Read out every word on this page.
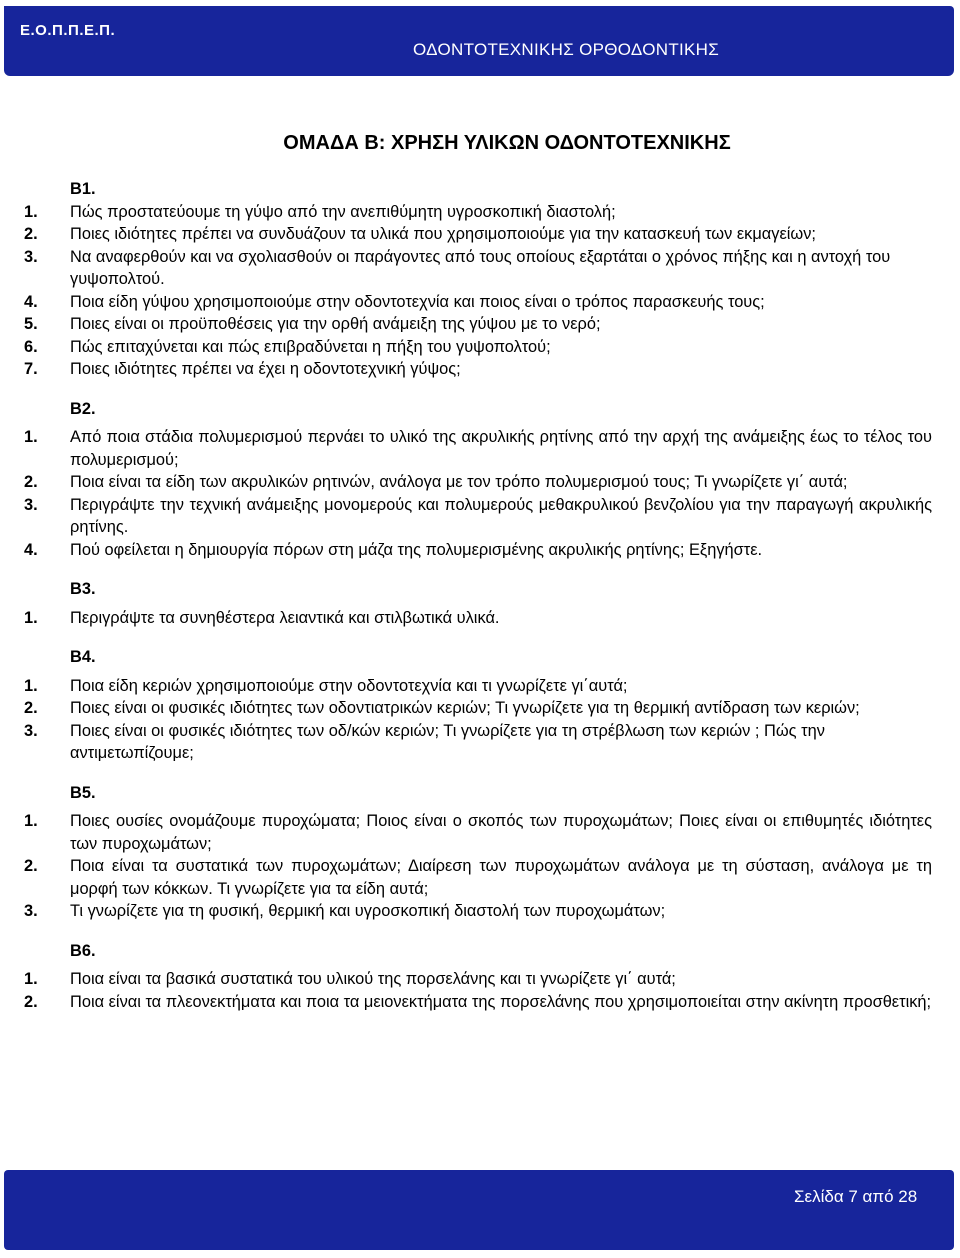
Ε.Ο.Π.Π.Ε.Π.
ΟΔΟΝΤΟΤΕΧΝΙΚΗΣ ΟΡΘΟΔΟΝΤΙΚΗΣ
ΟΜΑΔΑ Β: ΧΡΗΣΗ ΥΛΙΚΩΝ ΟΔΟΝΤΟΤΕΧΝΙΚΗΣ
Β1.
1.	Πώς προστατεύουμε τη γύψο από την ανεπιθύμητη υγροσκοπική διαστολή;
2.	Ποιες ιδιότητες πρέπει να συνδυάζουν τα υλικά που χρησιμοποιούμε για την κατασκευή των εκμαγείων;
3.	Να αναφερθούν και να σχολιασθούν οι παράγοντες από τους οποίους εξαρτάται ο χρόνος πήξης και η αντοχή του γυψοπολτού.
4.	Ποια είδη γύψου χρησιμοποιούμε στην οδοντοτεχνία και ποιος είναι ο τρόπος παρασκευής τους;
5.	Ποιες είναι οι προϋποθέσεις για την ορθή ανάμειξη της γύψου με το νερό;
6.	Πώς επιταχύνεται και πώς επιβραδύνεται η πήξη του γυψοπολτού;
7.	Ποιες ιδιότητες πρέπει να έχει η οδοντοτεχνική γύψος;
Β2.
1.	Από ποια στάδια πολυμερισμού περνάει το υλικό της ακρυλικής ρητίνης από την αρχή της ανάμειξης έως το τέλος του πολυμερισμού;
2.	Ποια είναι τα είδη των ακρυλικών ρητινών, ανάλογα με τον τρόπο πολυμερισμού τους; Τι γνωρίζετε γι΄ αυτά;
3.	Περιγράψτε την τεχνική ανάμειξης μονομερούς και πολυμερούς μεθακρυλικού βενζολίου για την παραγωγή ακρυλικής ρητίνης.
4.	Πού οφείλεται η δημιουργία πόρων στη μάζα της πολυμερισμένης ακρυλικής ρητίνης; Εξηγήστε.
Β3.
1.	Περιγράψτε τα συνηθέστερα λειαντικά και στιλβωτικά υλικά.
Β4.
1.	Ποια είδη κεριών χρησιμοποιούμε στην οδοντοτεχνία και τι γνωρίζετε γι΄αυτά;
2.	Ποιες είναι οι φυσικές ιδιότητες των οδοντιατρικών κεριών; Τι γνωρίζετε για τη θερμική αντίδραση των κεριών;
3.	Ποιες είναι οι φυσικές ιδιότητες των οδ/κών κεριών; Τι γνωρίζετε για τη στρέβλωση των κεριών ; Πώς την αντιμετωπίζουμε;
Β5.
1.	Ποιες ουσίες ονομάζουμε πυροχώματα; Ποιος είναι ο σκοπός των πυροχωμάτων; Ποιες είναι οι επιθυμητές ιδιότητες των πυροχωμάτων;
2.	Ποια είναι τα συστατικά των πυροχωμάτων; Διαίρεση των πυροχωμάτων ανάλογα με τη σύσταση, ανάλογα με τη μορφή των κόκκων. Τι γνωρίζετε για τα είδη αυτά;
3.	Τι γνωρίζετε για τη φυσική, θερμική και υγροσκοπική διαστολή των πυροχωμάτων;
Β6.
1.	Ποια είναι τα βασικά συστατικά του υλικού της πορσελάνης και τι γνωρίζετε γι΄ αυτά;
2.	Ποια είναι τα πλεονεκτήματα και ποια τα μειονεκτήματα της πορσελάνης που χρησιμοποιείται στην ακίνητη προσθετική;
Σελίδα 7 από 28
